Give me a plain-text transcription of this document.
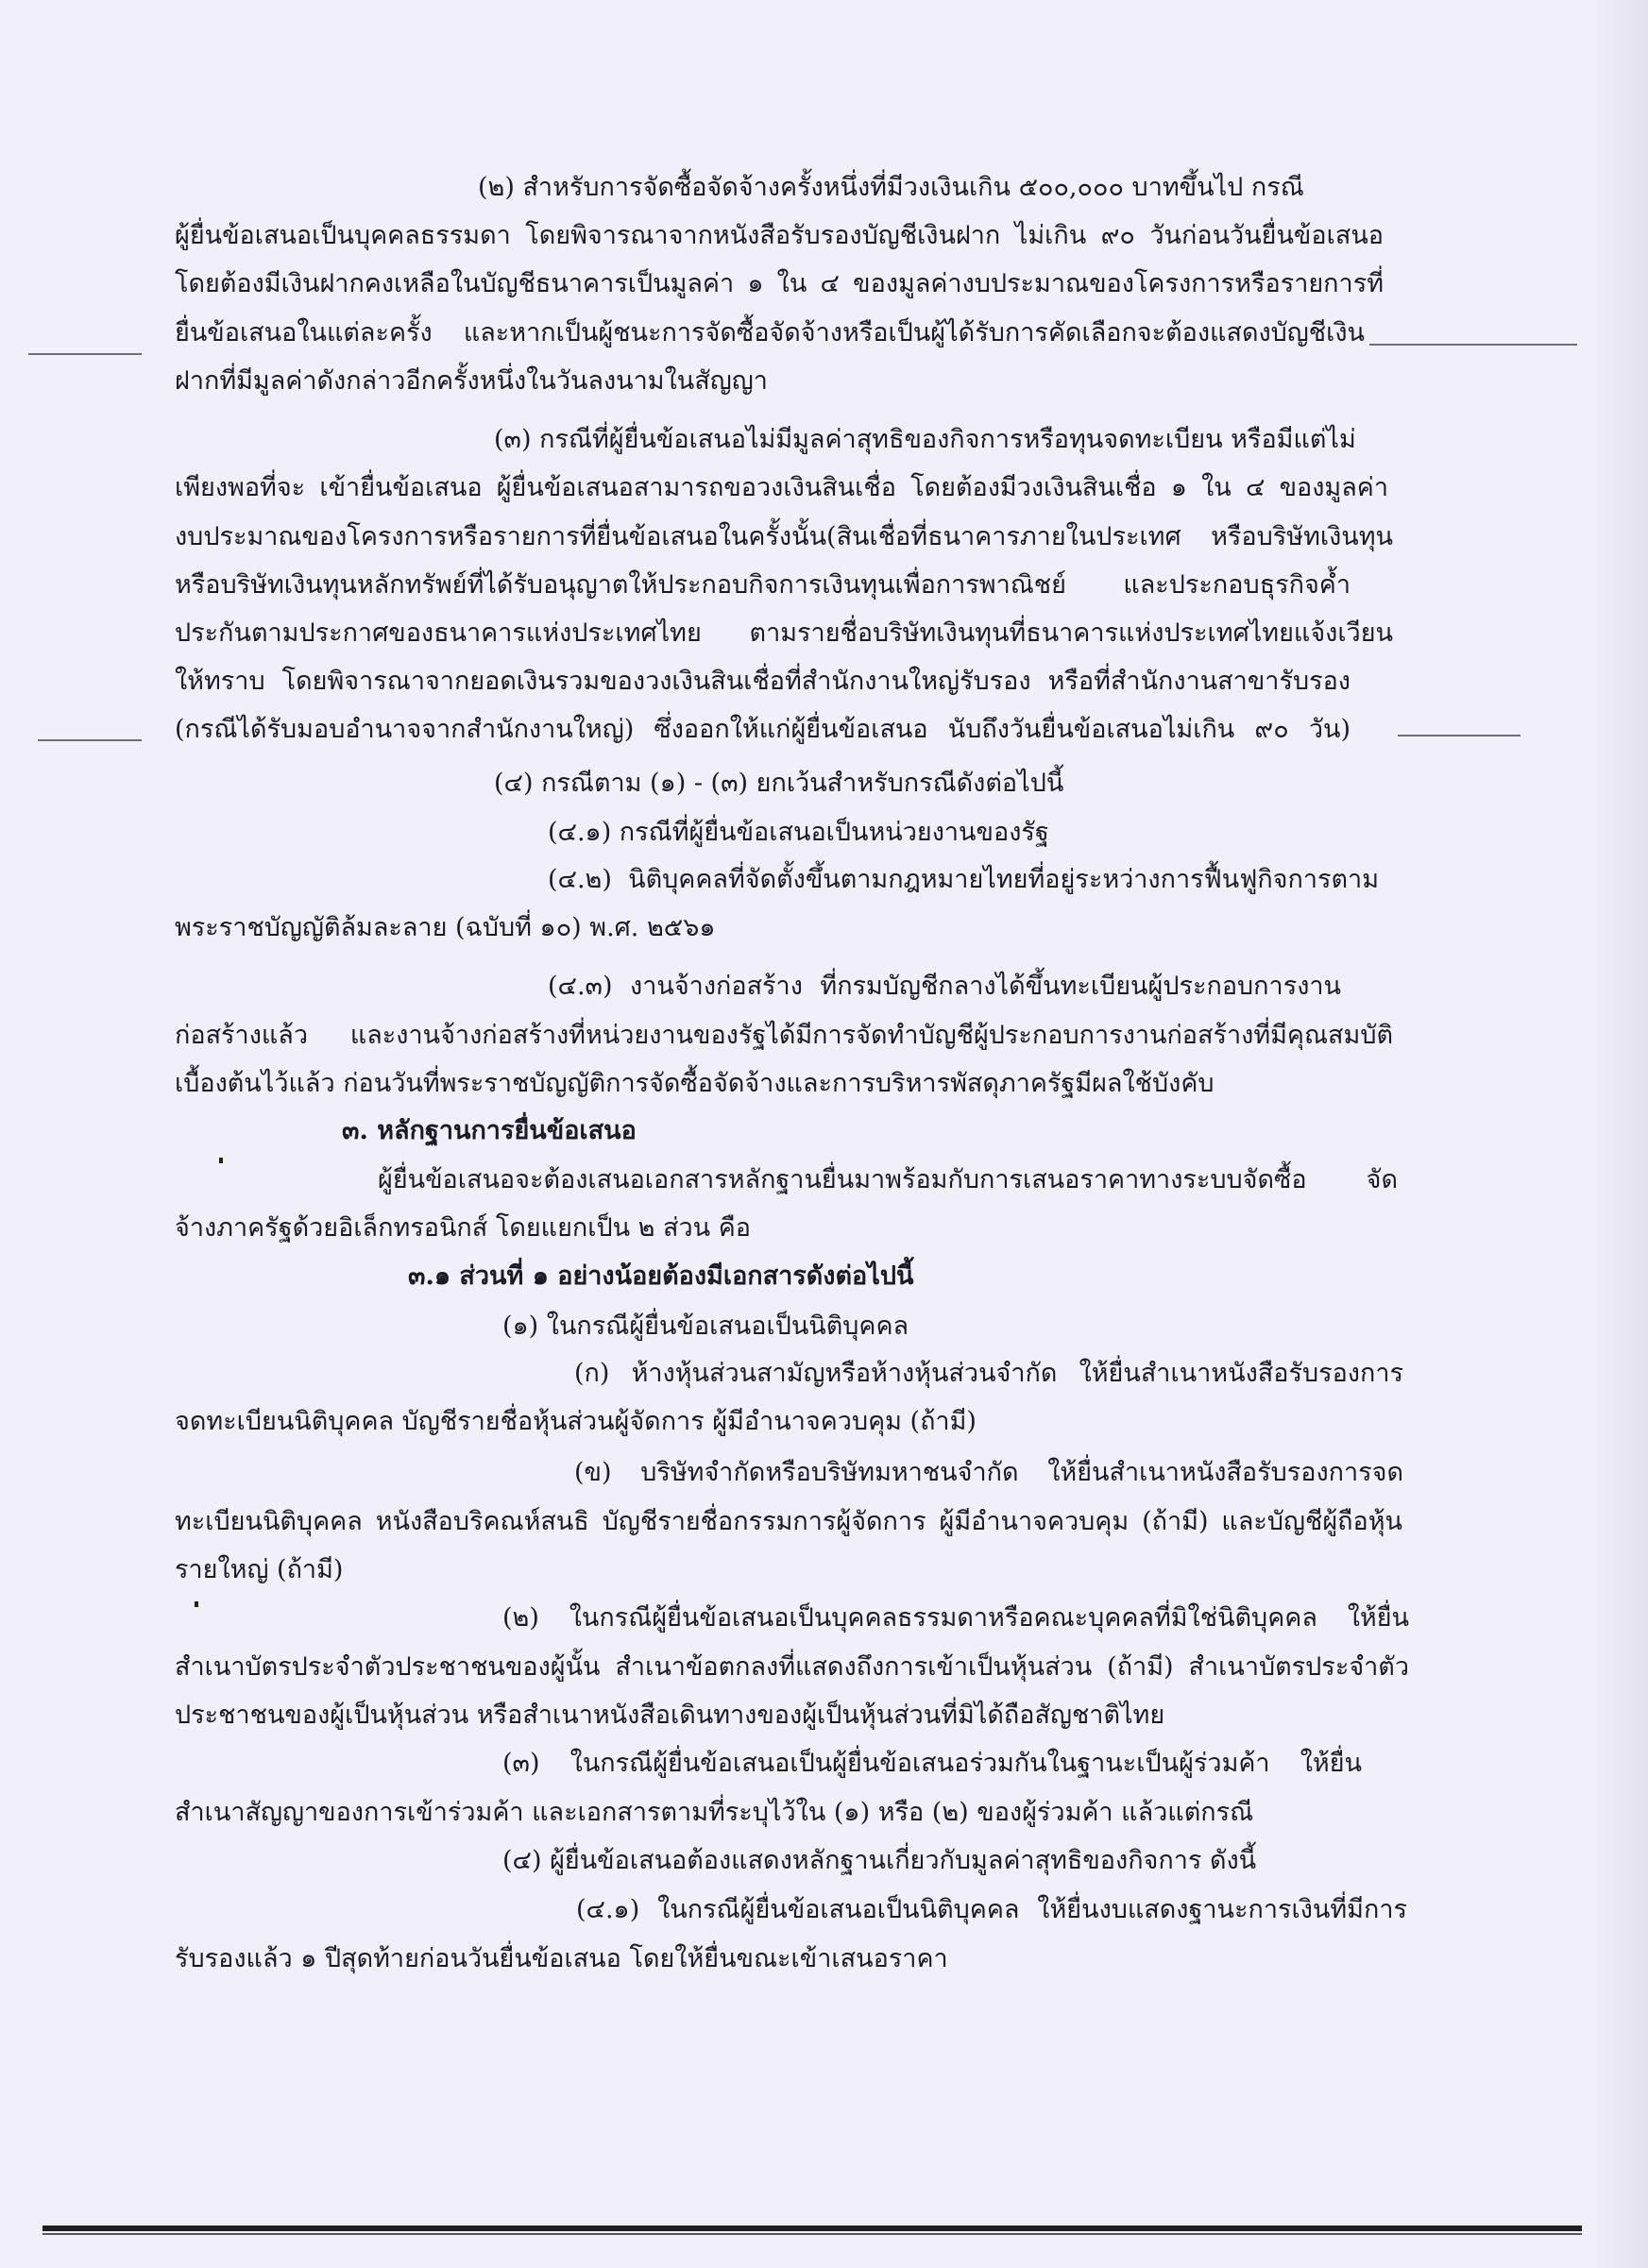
(๒) สำหรับการจัดซื้อจัดจ้างครั้งหนึ่งที่มีวงเงินเกิน ๕๐๐,๐๐๐ บาทขึ้นไป กรณี
ผู้ยื่นข้อเสนอเป็นบุคคลธรรมดา โดยพิจารณาจากหนังสือรับรองบัญชีเงินฝาก ไม่เกิน ๙๐ วันก่อนวันยื่นข้อเสนอ
โดยต้องมีเงินฝากคงเหลือในบัญชีธนาคารเป็นมูลค่า ๑ ใน ๔ ของมูลค่างบประมาณของโครงการหรือรายการที่
ยื่นข้อเสนอในแต่ละครั้ง และหากเป็นผู้ชนะการจัดซื้อจัดจ้างหรือเป็นผู้ได้รับการคัดเลือกจะต้องแสดงบัญชีเงิน
ฝากที่มีมูลค่าดังกล่าวอีกครั้งหนึ่งในวันลงนามในสัญญา
(๓) กรณีที่ผู้ยื่นข้อเสนอไม่มีมูลค่าสุทธิของกิจการหรือทุนจดทะเบียน หรือมีแต่ไม่
เพียงพอที่จะ เข้ายื่นข้อเสนอ ผู้ยื่นข้อเสนอสามารถขอวงเงินสินเชื่อ โดยต้องมีวงเงินสินเชื่อ ๑ ใน ๔ ของมูลค่า
งบประมาณของโครงการหรือรายการที่ยื่นข้อเสนอในครั้งนั้น(สินเชื่อที่ธนาคารภายในประเทศ หรือบริษัทเงินทุน
หรือบริษัทเงินทุนหลักทรัพย์ที่ได้รับอนุญาตให้ประกอบกิจการเงินทุนเพื่อการพาณิชย์ และประกอบธุรกิจค้ำ
ประกันตามประกาศของธนาคารแห่งประเทศไทย ตามรายชื่อบริษัทเงินทุนที่ธนาคารแห่งประเทศไทยแจ้งเวียน
ให้ทราบ โดยพิจารณาจากยอดเงินรวมของวงเงินสินเชื่อที่สำนักงานใหญ่รับรอง หรือที่สำนักงานสาขารับรอง
(กรณีได้รับมอบอำนาจจากสำนักงานใหญ่) ซึ่งออกให้แก่ผู้ยื่นข้อเสนอ นับถึงวันยื่นข้อเสนอไม่เกิน ๙๐ วัน)
(๔) กรณีตาม (๑) - (๓) ยกเว้นสำหรับกรณีดังต่อไปนี้
(๔.๑) กรณีที่ผู้ยื่นข้อเสนอเป็นหน่วยงานของรัฐ
(๔.๒) นิติบุคคลที่จัดตั้งขึ้นตามกฎหมายไทยที่อยู่ระหว่างการฟื้นฟูกิจการตาม
พระราชบัญญัติล้มละลาย (ฉบับที่ ๑๐) พ.ศ. ๒๕๖๑
(๔.๓) งานจ้างก่อสร้าง ที่กรมบัญชีกลางได้ขึ้นทะเบียนผู้ประกอบการงาน
ก่อสร้างแล้ว และงานจ้างก่อสร้างที่หน่วยงานของรัฐได้มีการจัดทำบัญชีผู้ประกอบการงานก่อสร้างที่มีคุณสมบัติ
เบื้องต้นไว้แล้ว ก่อนวันที่พระราชบัญญัติการจัดซื้อจัดจ้างและการบริหารพัสดุภาครัฐมีผลใช้บังคับ
๓. หลักฐานการยื่นข้อเสนอ
ผู้ยื่นข้อเสนอจะต้องเสนอเอกสารหลักฐานยื่นมาพร้อมกับการเสนอราคาทางระบบจัดซื้อ จัด
จ้างภาครัฐด้วยอิเล็กทรอนิกส์ โดยแยกเป็น ๒ ส่วน คือ
๓.๑ ส่วนที่ ๑ อย่างน้อยต้องมีเอกสารดังต่อไปนี้
(๑) ในกรณีผู้ยื่นข้อเสนอเป็นนิติบุคคล
(ก) ห้างหุ้นส่วนสามัญหรือห้างหุ้นส่วนจำกัด ให้ยื่นสำเนาหนังสือรับรองการ
จดทะเบียนนิติบุคคล บัญชีรายชื่อหุ้นส่วนผู้จัดการ ผู้มีอำนาจควบคุม (ถ้ามี)
(ข) บริษัทจำกัดหรือบริษัทมหาชนจำกัด ให้ยื่นสำเนาหนังสือรับรองการจด
ทะเบียนนิติบุคคล หนังสือบริคณห์สนธิ บัญชีรายชื่อกรรมการผู้จัดการ ผู้มีอำนาจควบคุม (ถ้ามี) และบัญชีผู้ถือหุ้น
รายใหญ่ (ถ้ามี)
(๒) ในกรณีผู้ยื่นข้อเสนอเป็นบุคคลธรรมดาหรือคณะบุคคลที่มิใช่นิติบุคคล ให้ยื่น
สำเนาบัตรประจำตัวประชาชนของผู้นั้น สำเนาข้อตกลงที่แสดงถึงการเข้าเป็นหุ้นส่วน (ถ้ามี) สำเนาบัตรประจำตัว
ประชาชนของผู้เป็นหุ้นส่วน หรือสำเนาหนังสือเดินทางของผู้เป็นหุ้นส่วนที่มิได้ถือสัญชาติไทย
(๓) ในกรณีผู้ยื่นข้อเสนอเป็นผู้ยื่นข้อเสนอร่วมกันในฐานะเป็นผู้ร่วมค้า ให้ยื่น
สำเนาสัญญาของการเข้าร่วมค้า และเอกสารตามที่ระบุไว้ใน (๑) หรือ (๒) ของผู้ร่วมค้า แล้วแต่กรณี
(๔) ผู้ยื่นข้อเสนอต้องแสดงหลักฐานเกี่ยวกับมูลค่าสุทธิของกิจการ ดังนี้
(๔.๑) ในกรณีผู้ยื่นข้อเสนอเป็นนิติบุคคล ให้ยื่นงบแสดงฐานะการเงินที่มีการ
รับรองแล้ว ๑ ปีสุดท้ายก่อนวันยื่นข้อเสนอ โดยให้ยื่นขณะเข้าเสนอราคา
